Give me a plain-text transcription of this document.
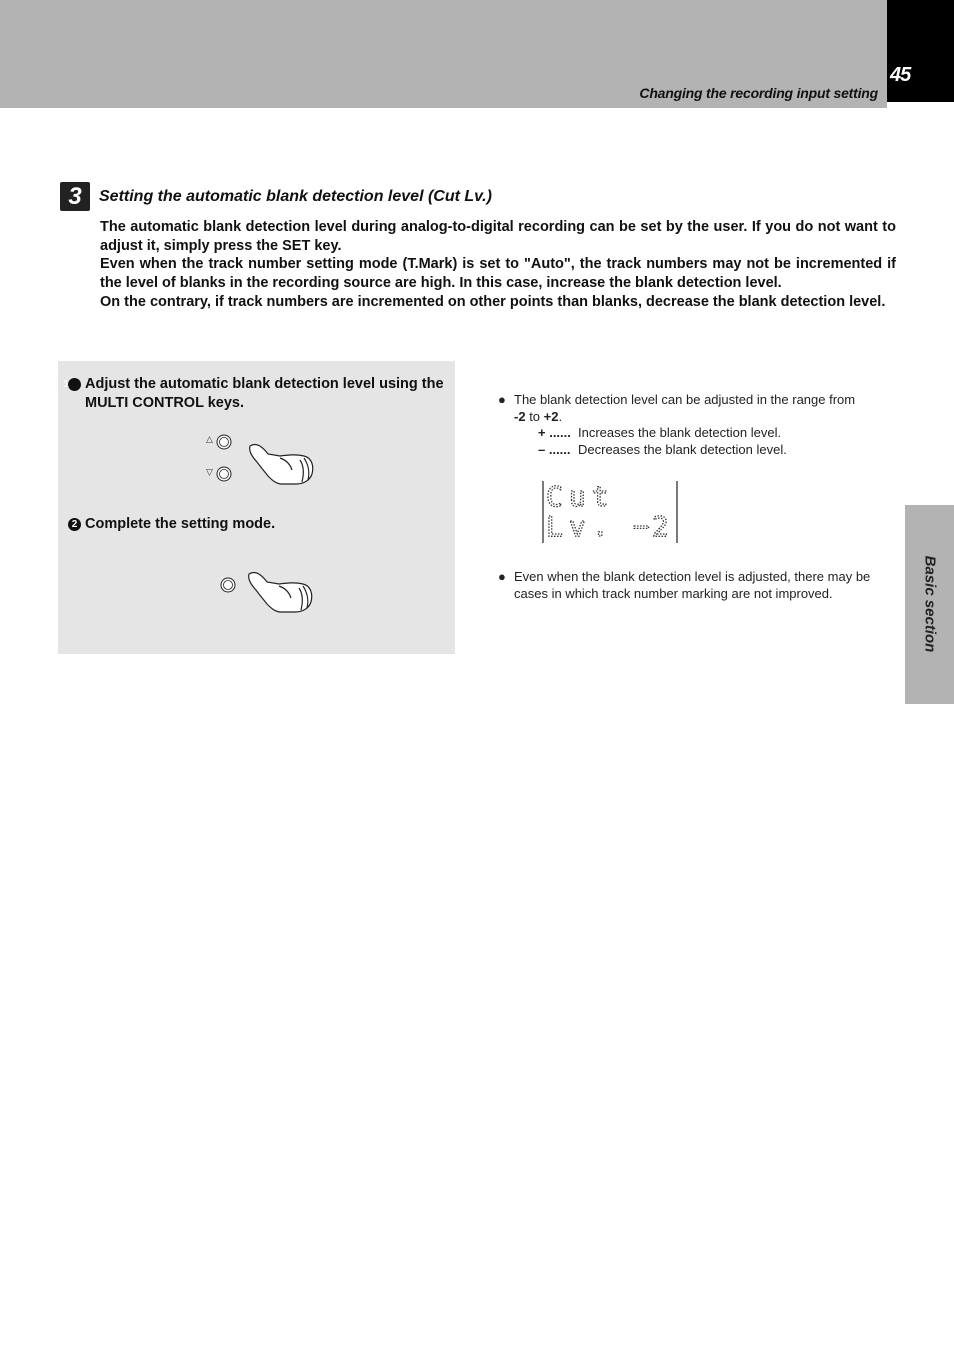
Changing the recording input setting
45
Basic section
3	Setting the automatic blank detection level (Cut Lv.)

The automatic blank detection level during analog-to-digital recording can be set by the user. If you do not want to adjust it, simply press the SET key.

Even when the track number setting mode (T.Mark) is set to "Auto", the track numbers may not be incremented if the level of blanks in the recording source are high. In this case, increase the blank detection level.

On the contrary, if track numbers are incremented on other points than blanks, decrease the blank detection level.

1 Adjust the automatic blank detection level using the MULTI CONTROL keys.
△
▽
2 Complete the setting mode.
● The blank detection level can be adjusted in the range from
-2 to +2.
+ ...... Increases the blank detection level.
– ...... Decreases the blank detection level.
Cut
Lv. −2
● Even when the blank detection level is adjusted, there may be cases in which track number marking are not improved.
